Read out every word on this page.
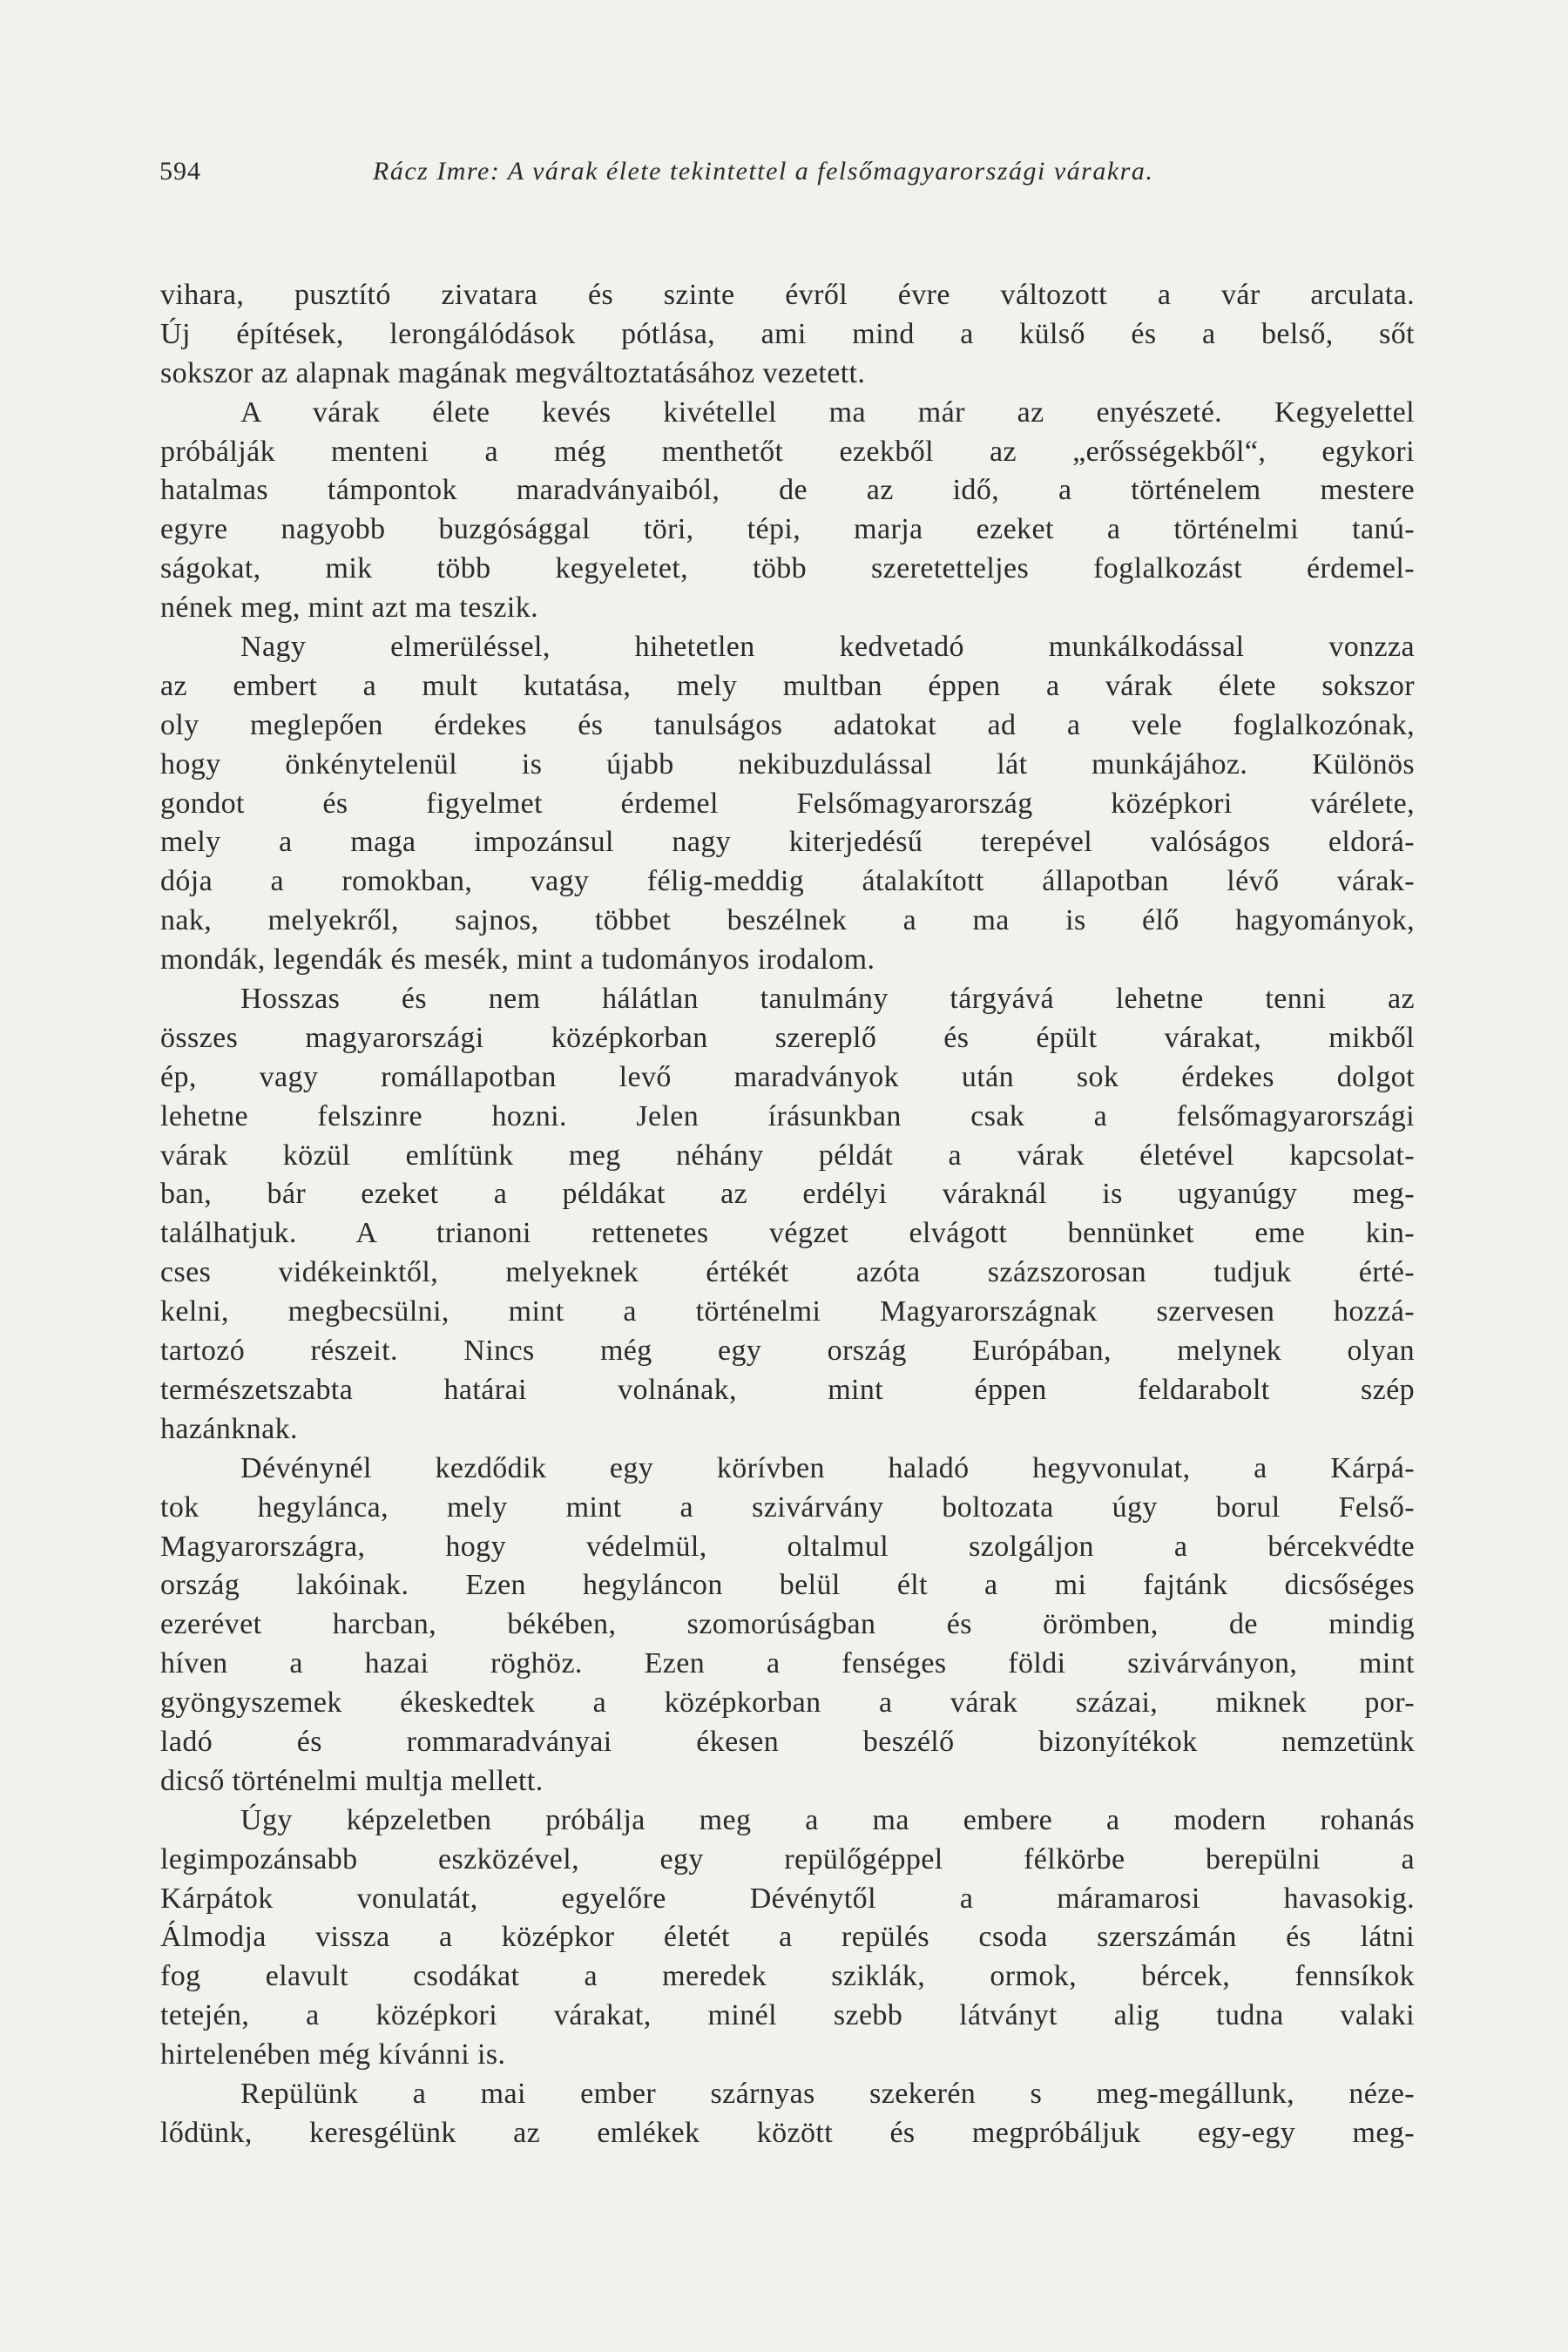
594	Rácz Imre: A várak élete tekintettel a felsőmagyarországi várakra.
vihara, pusztító zivatara és szinte évről évre változott a vár arculata.
Új építések, lerongálódások pótlása, ami mind a külső és a belső, sőt
sokszor az alapnak magának megváltoztatásához vezetett.
A várak élete kevés kivétellel ma már az enyészeté. Kegyelettel
próbálják menteni a még menthetőt ezekből az „erősségekből“, egykori
hatalmas támpontok maradványaiból, de az idő, a történelem mestere
egyre nagyobb buzgósággal töri, tépi, marja ezeket a történelmi tanú-
ságokat, mik több kegyeletet, több szeretetteljes foglalkozást érdemel-
nének meg, mint azt ma teszik.
Nagy elmerüléssel, hihetetlen kedvetadó munkálkodással vonzza
az embert a mult kutatása, mely multban éppen a várak élete sokszor
oly meglepően érdekes és tanulságos adatokat ad a vele foglalkozónak,
hogy önkénytelenül is újabb nekibuzdulással lát munkájához. Különös
gondot és figyelmet érdemel Felsőmagyarország középkori várélete,
mely a maga impozánsul nagy kiterjedésű terepével valóságos eldorá-
dója a romokban, vagy félig-meddig átalakított állapotban lévő várak-
nak, melyekről, sajnos, többet beszélnek a ma is élő hagyományok,
mondák, legendák és mesék, mint a tudományos irodalom.
Hosszas és nem hálátlan tanulmány tárgyává lehetne tenni az
összes magyarországi középkorban szereplő és épült várakat, mikből
ép, vagy romállapotban levő maradványok után sok érdekes dolgot
lehetne felszinre hozni. Jelen írásunkban csak a felsőmagyarországi
várak közül említünk meg néhány példát a várak életével kapcsolat-
ban, bár ezeket a példákat az erdélyi váraknál is ugyanúgy meg-
találhatjuk. A trianoni rettenetes végzet elvágott bennünket eme kin-
cses vidékeinktől, melyeknek értékét azóta százszorosan tudjuk érté-
kelni, megbecsülni, mint a történelmi Magyarországnak szervesen hozzá-
tartozó részeit. Nincs még egy ország Európában, melynek olyan
természetszabta határai volnának, mint éppen feldarabolt szép
hazánknak.
Dévénynél kezdődik egy körívben haladó hegyvonulat, a Kárpá-
tok hegylánca, mely mint a szivárvány boltozata úgy borul Felső-
Magyarországra, hogy védelmül, oltalmul szolgáljon a bércekvédte
ország lakóinak. Ezen hegyláncon belül élt a mi fajtánk dicsőséges
ezerévet harcban, békében, szomorúságban és örömben, de mindig
híven a hazai röghöz. Ezen a fenséges földi szivárványon, mint
gyöngyszemek ékeskedtek a középkorban a várak százai, miknek por-
ladó és rommaradványai ékesen beszélő bizonyítékok nemzetünk
dicső történelmi multja mellett.
Úgy képzeletben próbálja meg a ma embere a modern rohanás
legimpozánsabb eszközével, egy repülőgéppel félkörbe berepülni a
Kárpátok vonulatát, egyelőre Dévénytől a máramarosi havasokig.
Álmodja vissza a középkor életét a repülés csoda szerszámán és látni
fog elavult csodákat a meredek sziklák, ormok, bércek, fennsíkok
tetején, a középkori várakat, minél szebb látványt alig tudna valaki
hirtelenében még kívánni is.
Repülünk a mai ember szárnyas szekerén s meg-megállunk, néze-
lődünk, keresgélünk az emlékek között és megpróbáljuk egy-egy meg-
